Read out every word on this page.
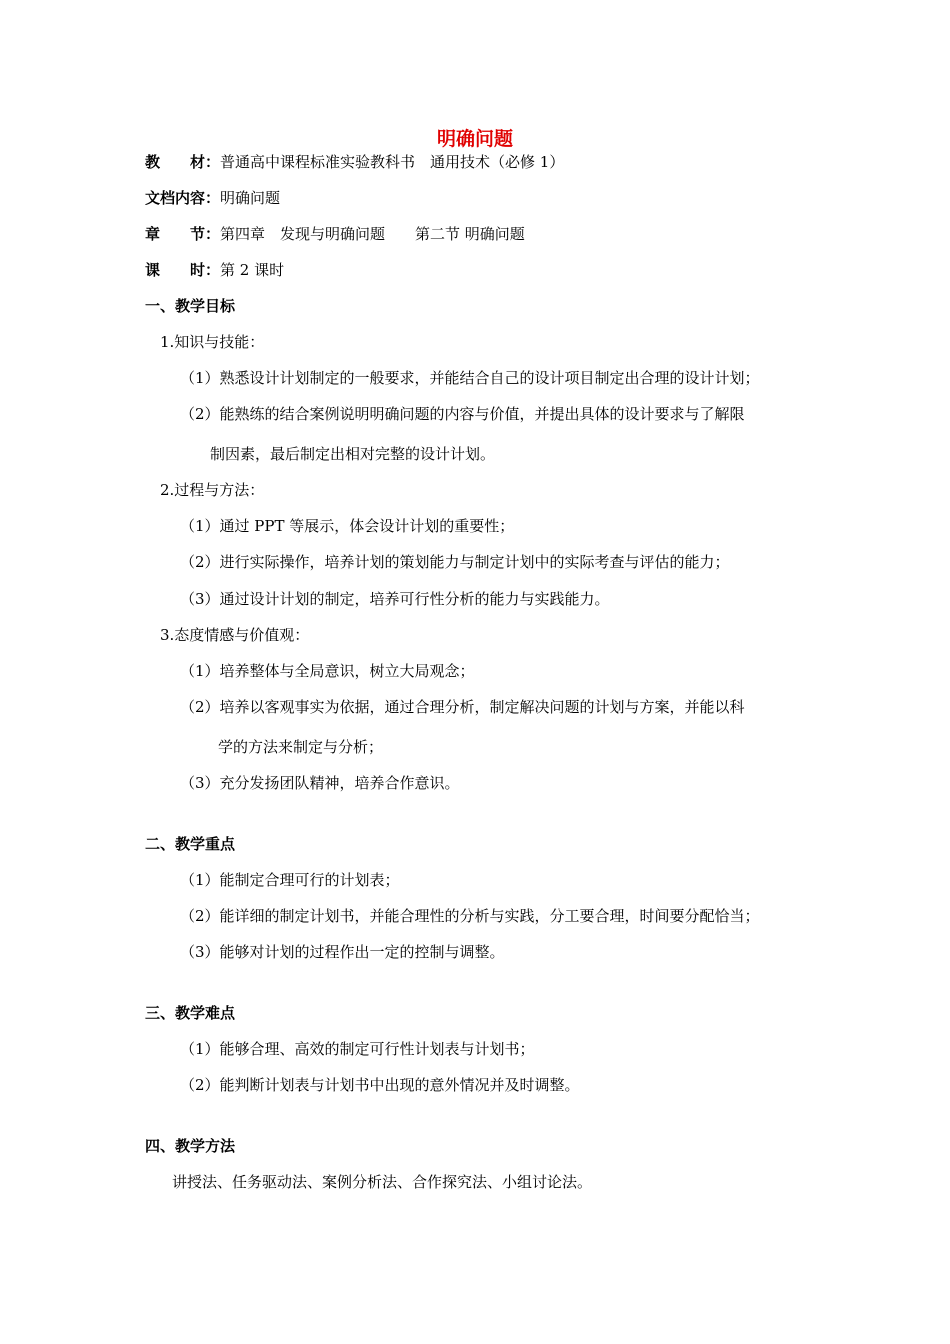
明确问题
教　　材：普通高中课程标准实验教科书　通用技术（必修 1）
文档内容：明确问题
章　　节：第四章　发现与明确问题　　第二节 明确问题
课　　时：第 2 课时
一、教学目标
1.知识与技能：
（1）熟悉设计计划制定的一般要求，并能结合自己的设计项目制定出合理的设计计划；
（2）能熟练的结合案例说明明确问题的内容与价值，并提出具体的设计要求与了解限
制因素，最后制定出相对完整的设计计划。
2.过程与方法：
（1）通过 PPT 等展示，体会设计计划的重要性；
（2）进行实际操作，培养计划的策划能力与制定计划中的实际考查与评估的能力；
（3）通过设计计划的制定，培养可行性分析的能力与实践能力。
3.态度情感与价值观：
（1）培养整体与全局意识，树立大局观念；
（2）培养以客观事实为依据，通过合理分析，制定解决问题的计划与方案，并能以科
学的方法来制定与分析；
（3）充分发扬团队精神，培养合作意识。
二、教学重点
（1）能制定合理可行的计划表；
（2）能详细的制定计划书，并能合理性的分析与实践，分工要合理，时间要分配恰当；
（3）能够对计划的过程作出一定的控制与调整。
三、教学难点
（1）能够合理、高效的制定可行性计划表与计划书；
（2）能判断计划表与计划书中出现的意外情况并及时调整。
四、教学方法
讲授法、任务驱动法、案例分析法、合作探究法、小组讨论法。
